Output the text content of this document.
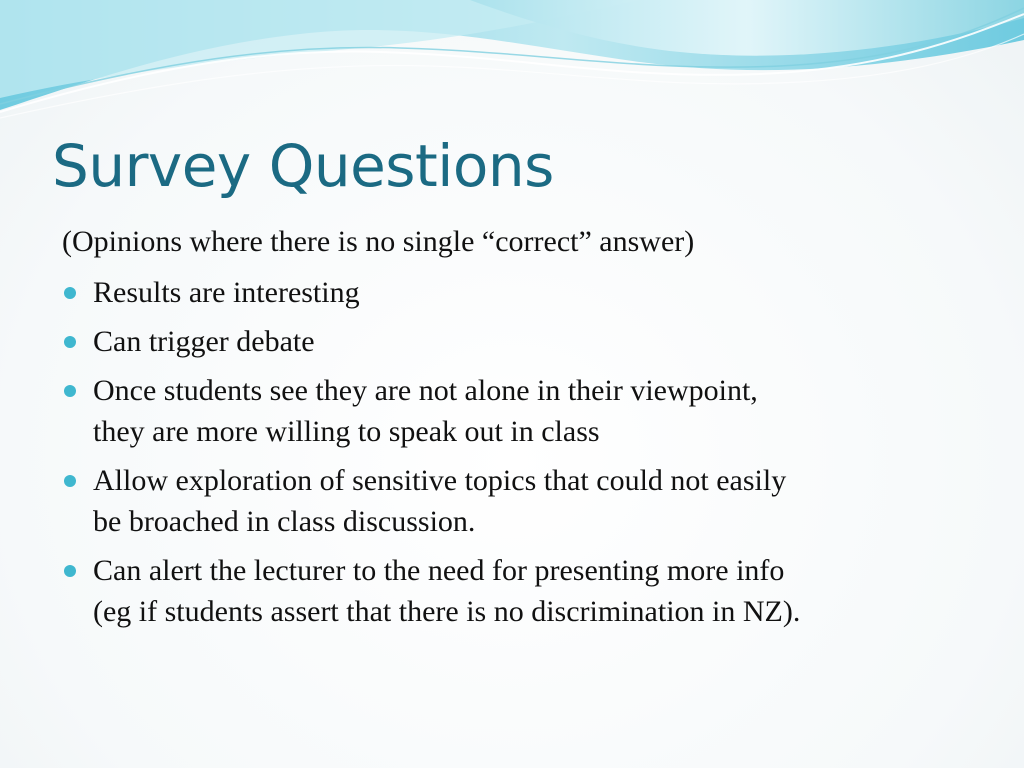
Survey Questions

(Opinions where there is no single “correct” answer)

Results are interesting
Can trigger debate
Once students see they are not alone in their viewpoint,
they are more willing to speak out in class
Allow exploration of sensitive topics that could not easily
be broached in class discussion.
Can alert the lecturer to the need for presenting more info
(eg if students assert that there is no discrimination in NZ).
